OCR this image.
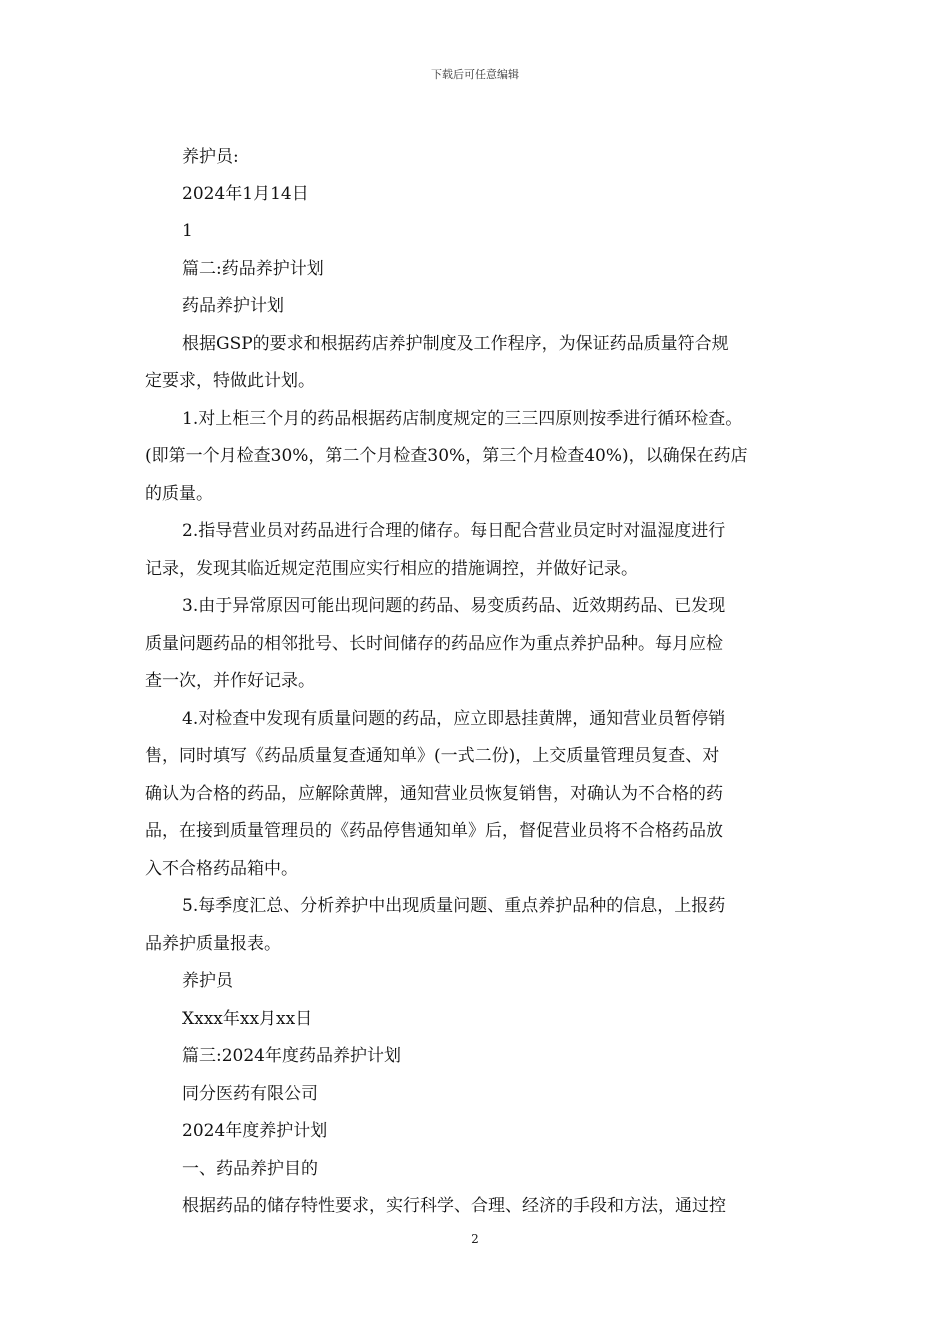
下载后可任意编辑
养护员:
2024年1月14日
1
篇二:药品养护计划
药品养护计划
根据GSP的要求和根据药店养护制度及工作程序，为保证药品质量符合规
定要求，特做此计划。
1.对上柜三个月的药品根据药店制度规定的三三四原则按季进行循环检查。
(即第一个月检查30%，第二个月检查30%，第三个月检查40%)，以确保在药店
的质量。
2.指导营业员对药品进行合理的储存。每日配合营业员定时对温湿度进行
记录，发现其临近规定范围应实行相应的措施调控，并做好记录。
3.由于异常原因可能出现问题的药品、易变质药品、近效期药品、已发现
质量问题药品的相邻批号、长时间储存的药品应作为重点养护品种。每月应检
查一次，并作好记录。
4.对检查中发现有质量问题的药品，应立即悬挂黄牌，通知营业员暂停销
售，同时填写《药品质量复查通知单》(一式二份)，上交质量管理员复查、对
确认为合格的药品，应解除黄牌，通知营业员恢复销售，对确认为不合格的药
品，在接到质量管理员的《药品停售通知单》后，督促营业员将不合格药品放
入不合格药品箱中。
5.每季度汇总、分析养护中出现质量问题、重点养护品种的信息，上报药
品养护质量报表。
养护员
Xxxx年xx月xx日
篇三:2024年度药品养护计划
同分医药有限公司
2024年度养护计划
一、药品养护目的
根据药品的储存特性要求，实行科学、合理、经济的手段和方法，通过控
2
